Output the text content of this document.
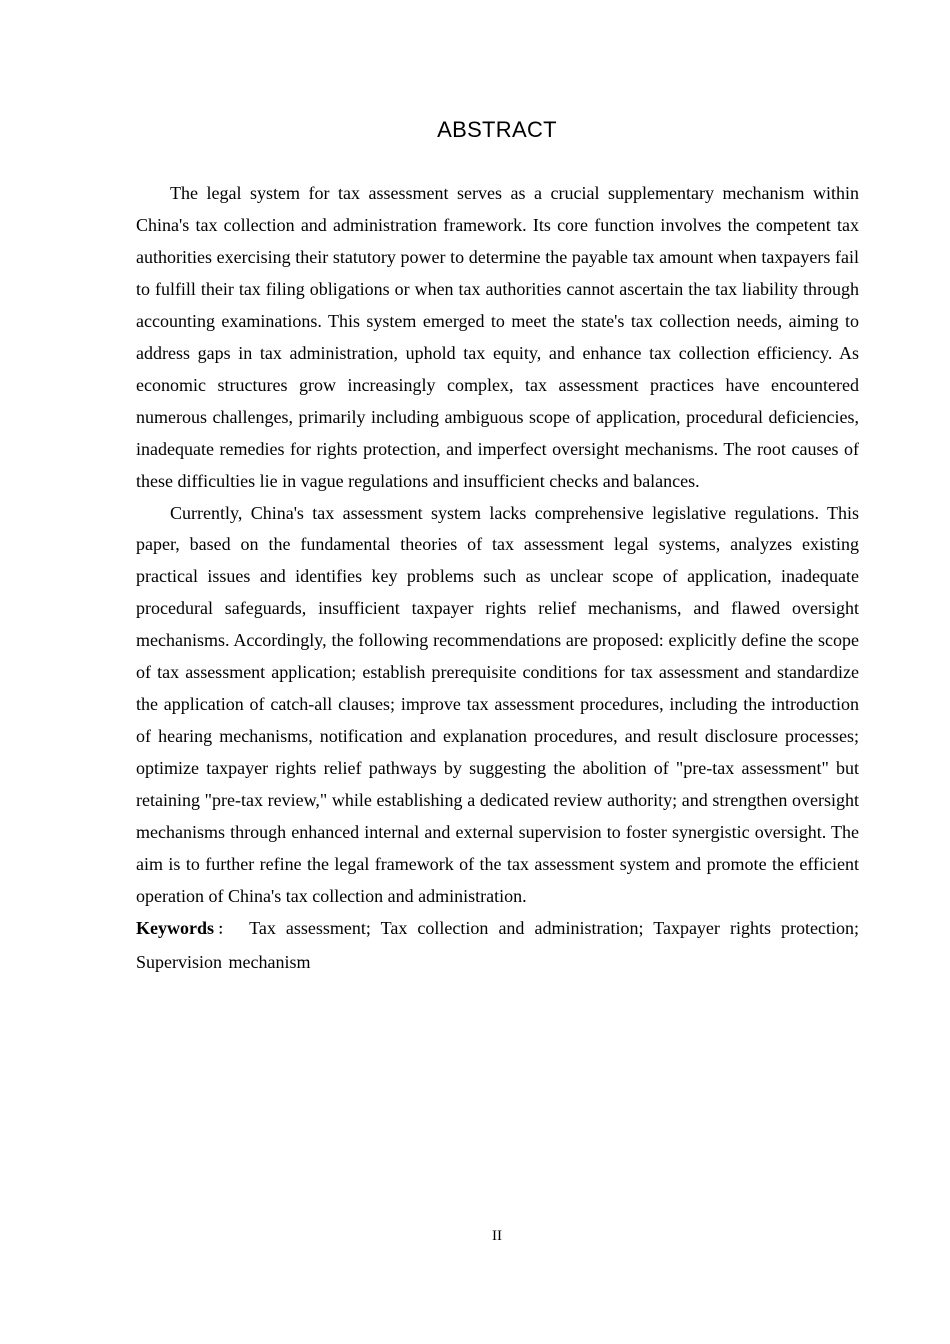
ABSTRACT

The legal system for tax assessment serves as a crucial supplementary mechanism within China's tax collection and administration framework. Its core function involves the competent tax authorities exercising their statutory power to determine the payable tax amount when taxpayers fail to fulfill their tax filing obligations or when tax authorities cannot ascertain the tax liability through accounting examinations. This system emerged to meet the state's tax collection needs, aiming to address gaps in tax administration, uphold tax equity, and enhance tax collection efficiency. As economic structures grow increasingly complex, tax assessment practices have encountered numerous challenges, primarily including ambiguous scope of application, procedural deficiencies, inadequate remedies for rights protection, and imperfect oversight mechanisms. The root causes of these difficulties lie in vague regulations and insufficient checks and balances.

Currently, China's tax assessment system lacks comprehensive legislative regulations. This paper, based on the fundamental theories of tax assessment legal systems, analyzes existing practical issues and identifies key problems such as unclear scope of application, inadequate procedural safeguards, insufficient taxpayer rights relief mechanisms, and flawed oversight mechanisms. Accordingly, the following recommendations are proposed: explicitly define the scope of tax assessment application; establish prerequisite conditions for tax assessment and standardize the application of catch-all clauses; improve tax assessment procedures, including the introduction of hearing mechanisms, notification and explanation procedures, and result disclosure processes; optimize taxpayer rights relief pathways by suggesting the abolition of "pre-tax assessment" but retaining "pre-tax review," while establishing a dedicated review authority; and strengthen oversight mechanisms through enhanced internal and external supervision to foster synergistic oversight. The aim is to further refine the legal framework of the tax assessment system and promote the efficient operation of China's tax collection and administration.

Keywords： Tax assessment; Tax collection and administration; Taxpayer rights protection; Supervision mechanism

II
